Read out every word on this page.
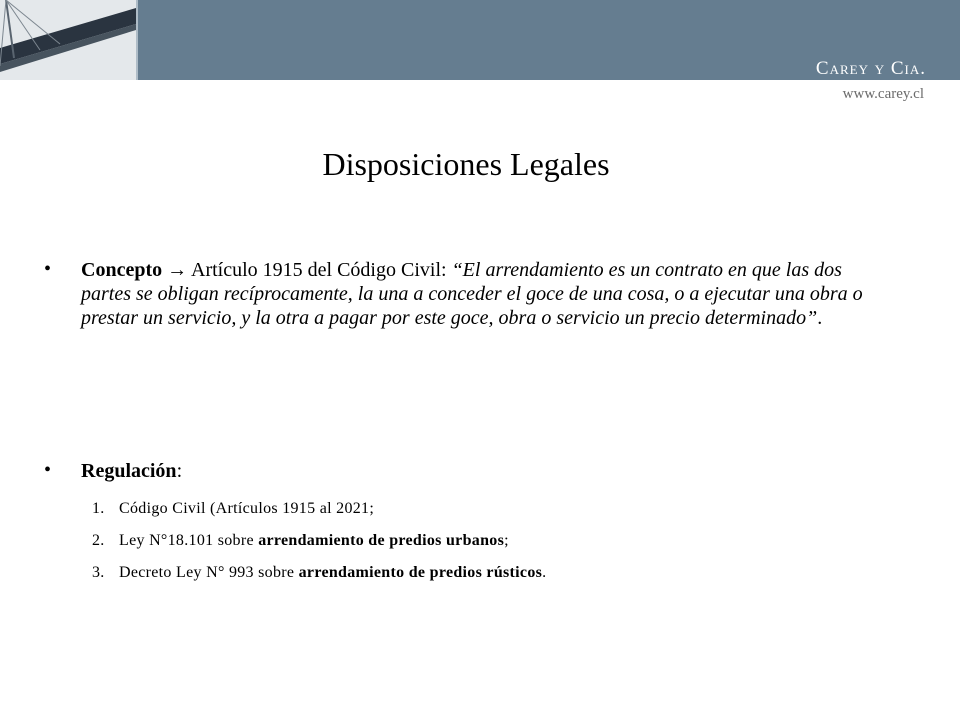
Carey y Cia.
www.carey.cl
Disposiciones Legales
• Concepto → Artículo 1915 del Código Civil: “El arrendamiento es un contrato en que las dos partes se obligan recíprocamente, la una a conceder el goce de una cosa, o a ejecutar una obra o prestar un servicio, y la otra a pagar por este goce, obra o servicio un precio determinado”.
• Regulación:
1. Código Civil (Artículos 1915 al 2021;
2. Ley N°18.101 sobre arrendamiento de predios urbanos;
3. Decreto Ley N° 993 sobre arrendamiento de predios rústicos.
